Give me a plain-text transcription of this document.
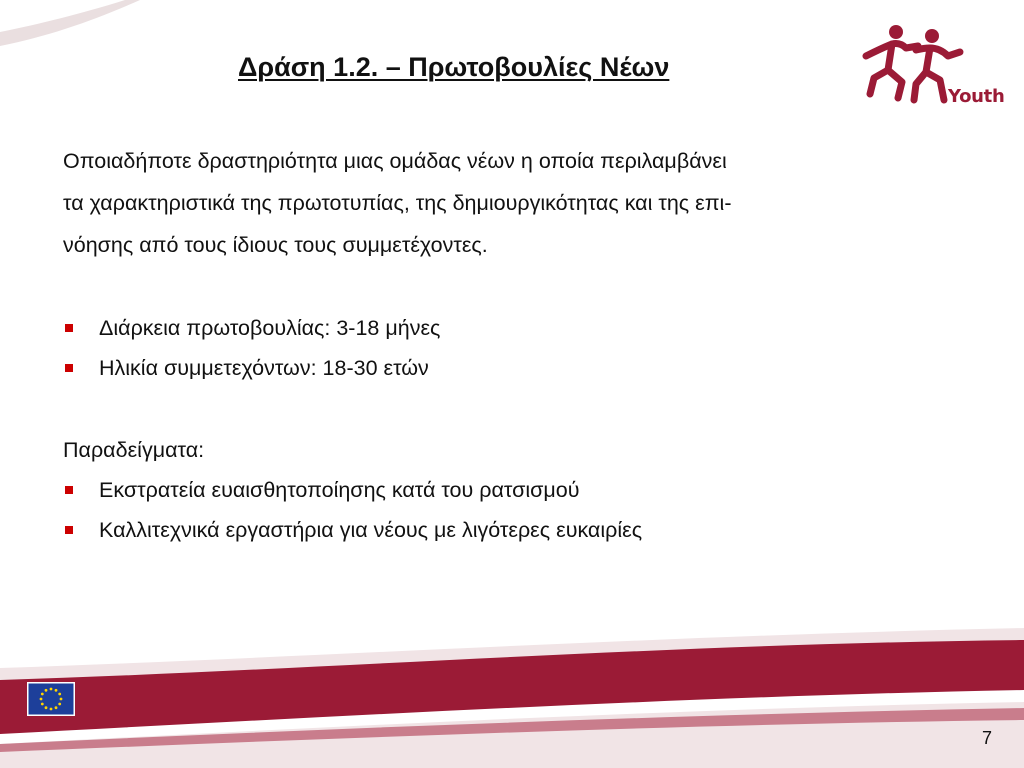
Δράση 1.2. – Πρωτοβουλίες Νέων
Youth

Οποιαδήποτε δραστηριότητα μιας ομάδας νέων η οποία περιλαμβάνει
τα χαρακτηριστικά της πρωτοτυπίας, της δημιουργικότητας και της επι-
νόησης από τους ίδιους τους συμμετέχοντες.

Διάρκεια πρωτοβουλίας: 3-18 μήνες
Ηλικία συμμετεχόντων: 18-30 ετών

Παραδείγματα:

Εκστρατεία ευαισθητοποίησης κατά του ρατσισμού
Καλλιτεχνικά εργαστήρια για νέους με λιγότερες ευκαιρίες
7
